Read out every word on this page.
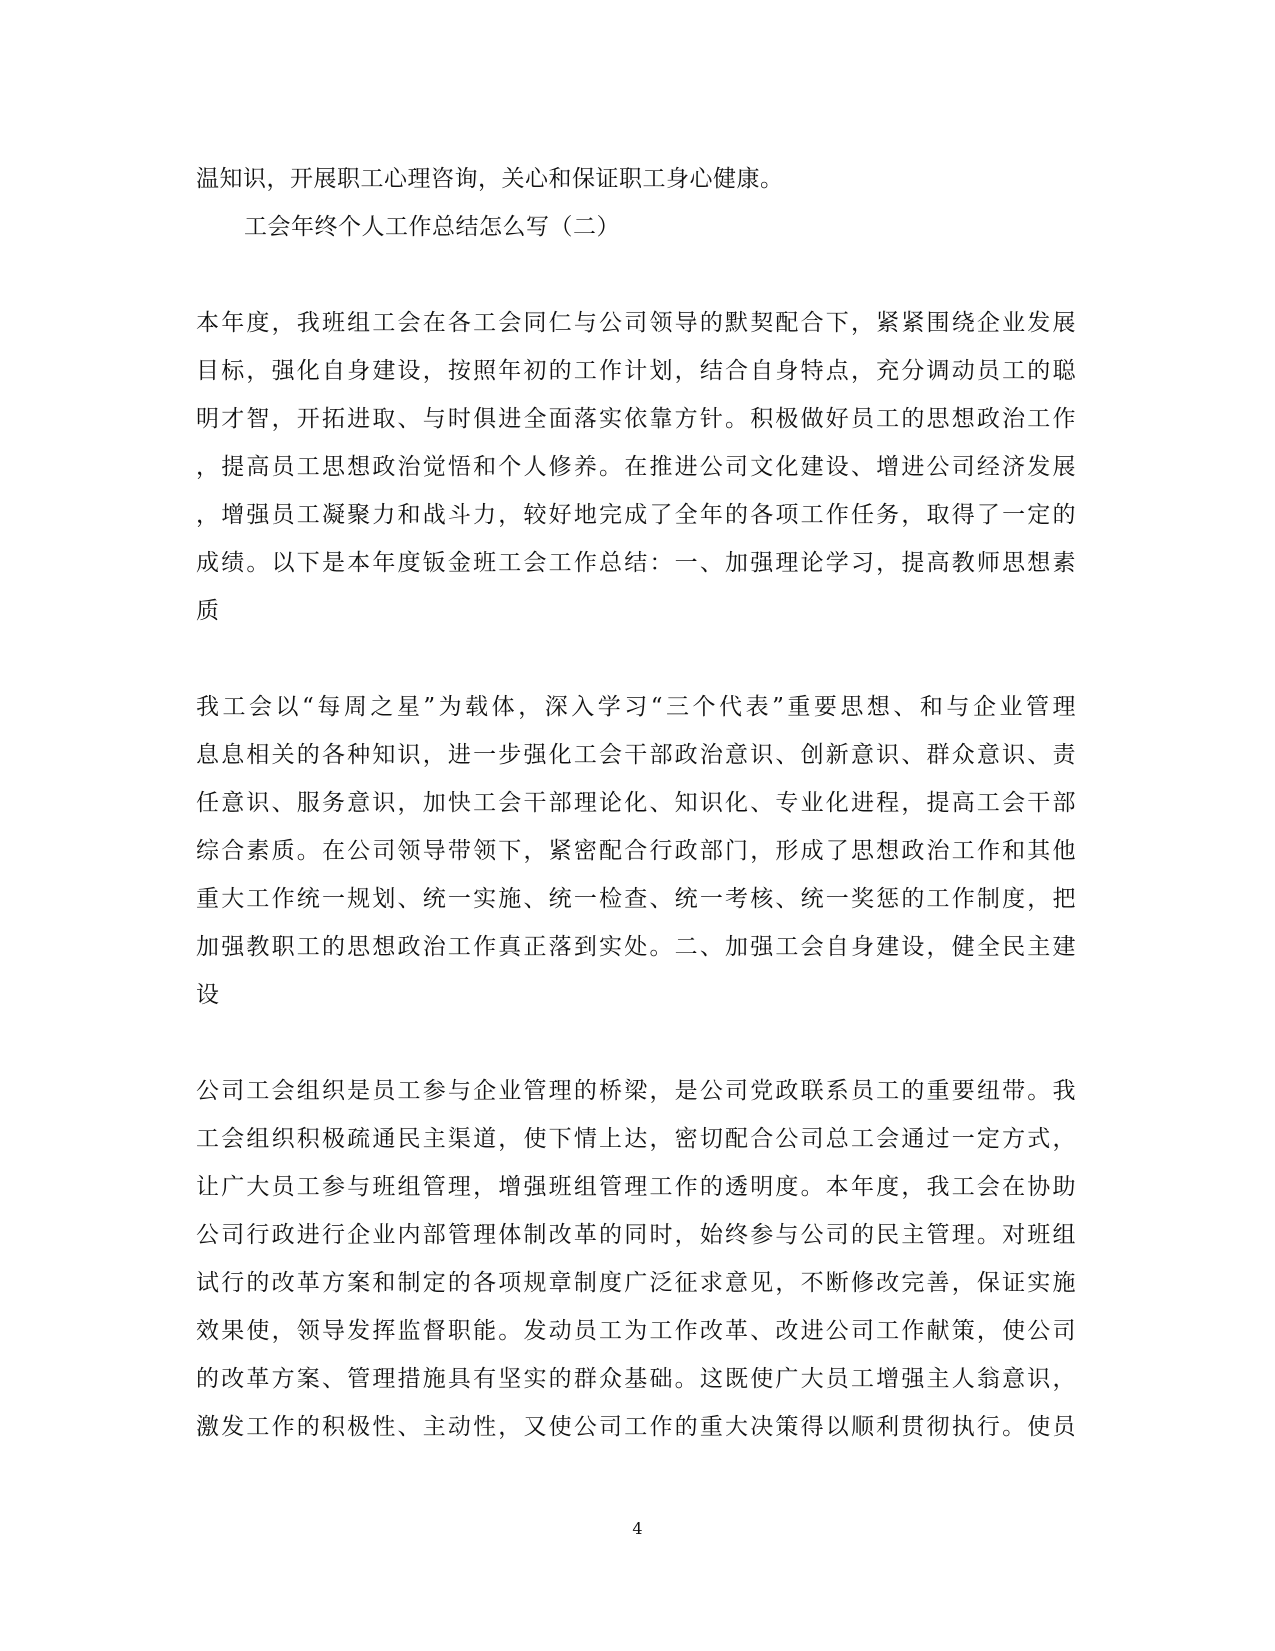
温知识，开展职工心理咨询，关心和保证职工身心健康。
工会年终个人工作总结怎么写（二）
本年度，我班组工会在各工会同仁与公司领导的默契配合下，紧紧围绕企业发展
目标，强化自身建设，按照年初的工作计划，结合自身特点，充分调动员工的聪
明才智，开拓进取、与时俱进全面落实依靠方针。积极做好员工的思想政治工作
，提高员工思想政治觉悟和个人修养。在推进公司文化建设、增进公司经济发展
，增强员工凝聚力和战斗力，较好地完成了全年的各项工作任务，取得了一定的
成绩。以下是本年度钣金班工会工作总结：一、加强理论学习，提高教师思想素
质
我工会以“每周之星”为载体，深入学习“三个代表”重要思想、和与企业管理
息息相关的各种知识，进一步强化工会干部政治意识、创新意识、群众意识、责
任意识、服务意识，加快工会干部理论化、知识化、专业化进程，提高工会干部
综合素质。在公司领导带领下，紧密配合行政部门，形成了思想政治工作和其他
重大工作统一规划、统一实施、统一检查、统一考核、统一奖惩的工作制度，把
加强教职工的思想政治工作真正落到实处。二、加强工会自身建设，健全民主建
设
公司工会组织是员工参与企业管理的桥梁，是公司党政联系员工的重要纽带。我
工会组织积极疏通民主渠道，使下情上达，密切配合公司总工会通过一定方式，
让广大员工参与班组管理，增强班组管理工作的透明度。本年度，我工会在协助
公司行政进行企业内部管理体制改革的同时，始终参与公司的民主管理。对班组
试行的改革方案和制定的各项规章制度广泛征求意见，不断修改完善，保证实施
效果使，领导发挥监督职能。发动员工为工作改革、改进公司工作献策，使公司
的改革方案、管理措施具有坚实的群众基础。这既使广大员工增强主人翁意识，
激发工作的积极性、主动性，又使公司工作的重大决策得以顺利贯彻执行。使员
4
